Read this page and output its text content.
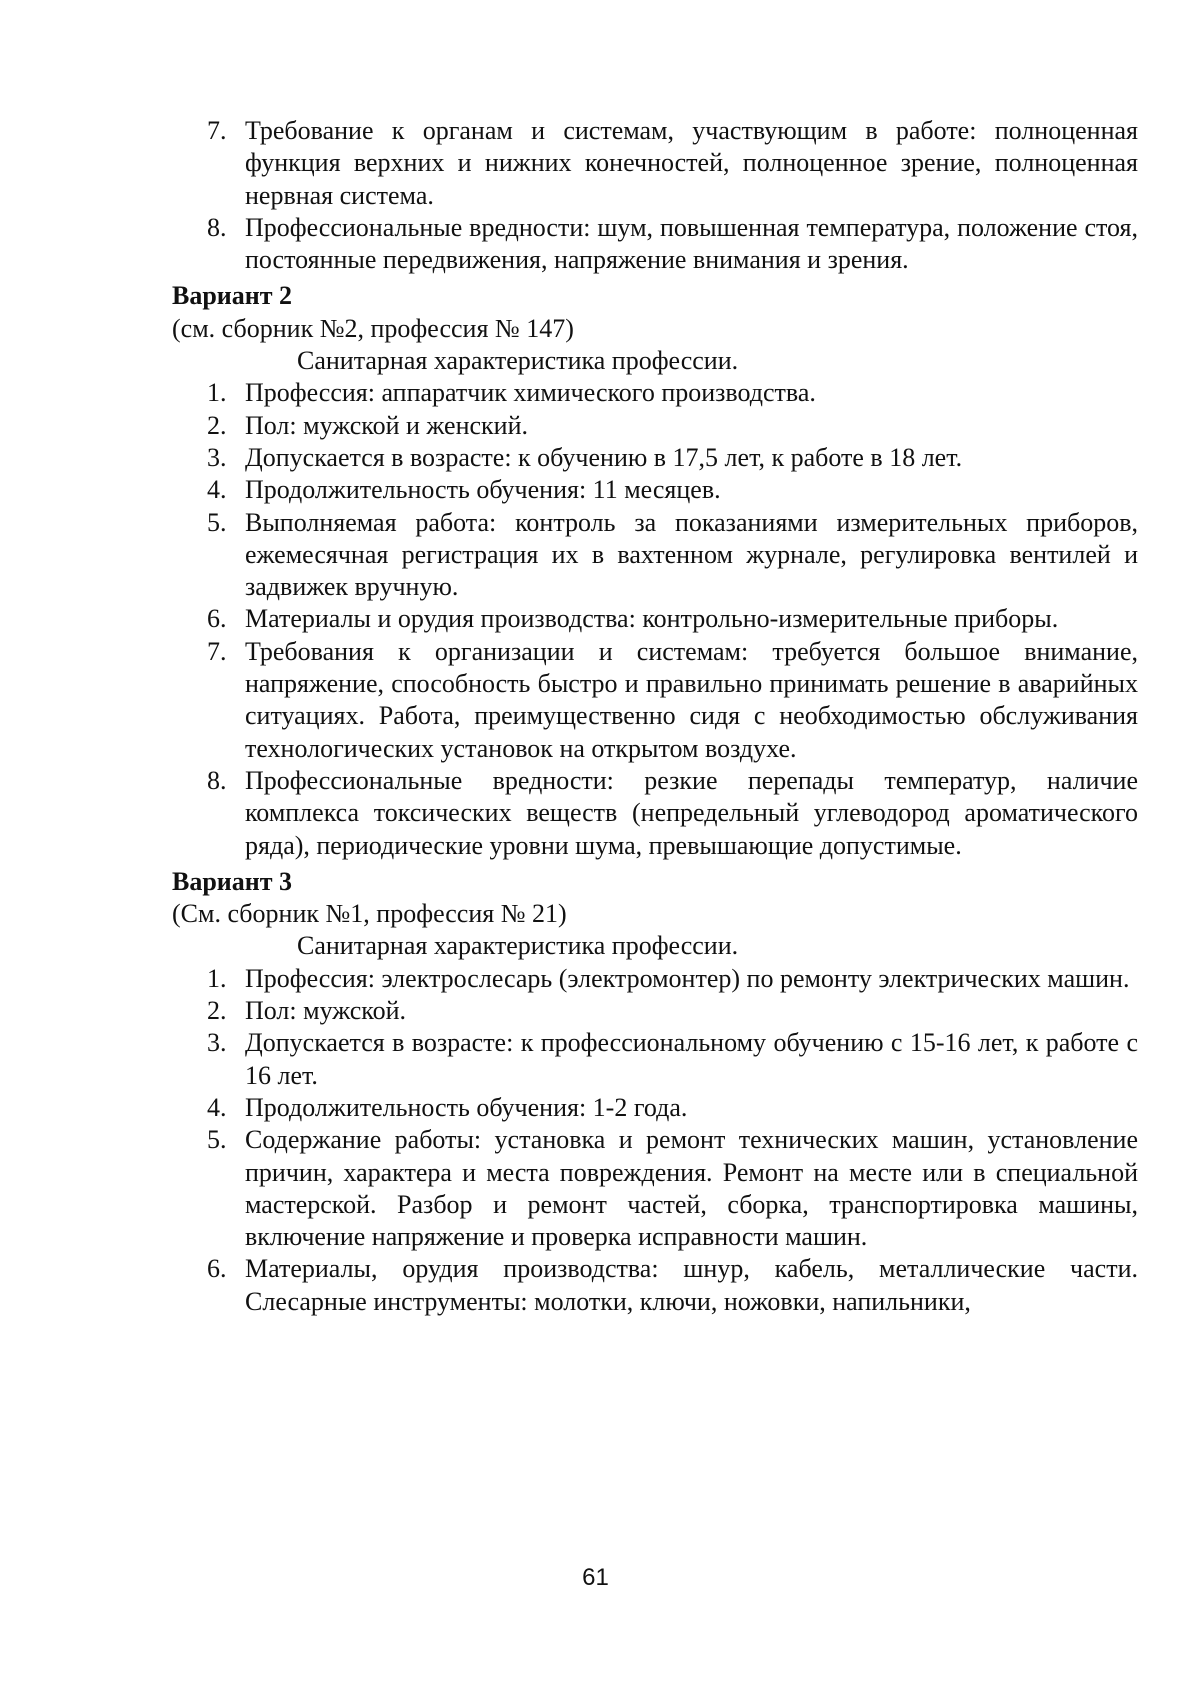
7. Требование к органам и системам, участвующим в работе: полноценная функция верхних и нижних конечностей, полноценное зрение, полноценная нервная система.
8. Профессиональные вредности: шум, повышенная температура, положение стоя, постоянные передвижения, напряжение внимания и зрения.

Вариант 2

(см. сборник №2, профессия № 147)

Санитарная характеристика профессии.

1. Профессия: аппаратчик химического производства.
2. Пол: мужской и женский.
3. Допускается в возрасте: к обучению в 17,5 лет, к работе в 18 лет.
4. Продолжительность обучения: 11 месяцев.
5. Выполняемая работа: контроль за показаниями измерительных приборов, ежемесячная регистрация их в вахтенном журнале, регулировка вентилей и задвижек вручную.
6. Материалы и орудия производства: контрольно-измерительные приборы.
7. Требования к организации и системам: требуется большое внимание, напряжение, способность быстро и правильно принимать решение в аварийных ситуациях. Работа, преимущественно сидя с необходимостью обслуживания технологических установок на открытом воздухе.
8. Профессиональные вредности: резкие перепады температур, наличие комплекса токсических веществ (непредельный углеводород ароматического ряда), периодические уровни шума, превышающие допустимые.

Вариант 3

(См. сборник №1, профессия № 21)

Санитарная характеристика профессии.

1. Профессия: электрослесарь (электромонтер) по ремонту электрических машин.
2. Пол: мужской.
3. Допускается в возрасте: к профессиональному обучению с 15-16 лет, к работе с 16 лет.
4. Продолжительность обучения: 1-2 года.
5. Содержание работы: установка и ремонт технических машин, установление причин, характера и места повреждения. Ремонт на месте или в специальной мастерской. Разбор и ремонт частей, сборка, транспортировка машины, включение напряжение и проверка исправности машин.
6. Материалы, орудия производства: шнур, кабель, металлические части. Слесарные инструменты: молотки, ключи, ножовки, напильники,
61
